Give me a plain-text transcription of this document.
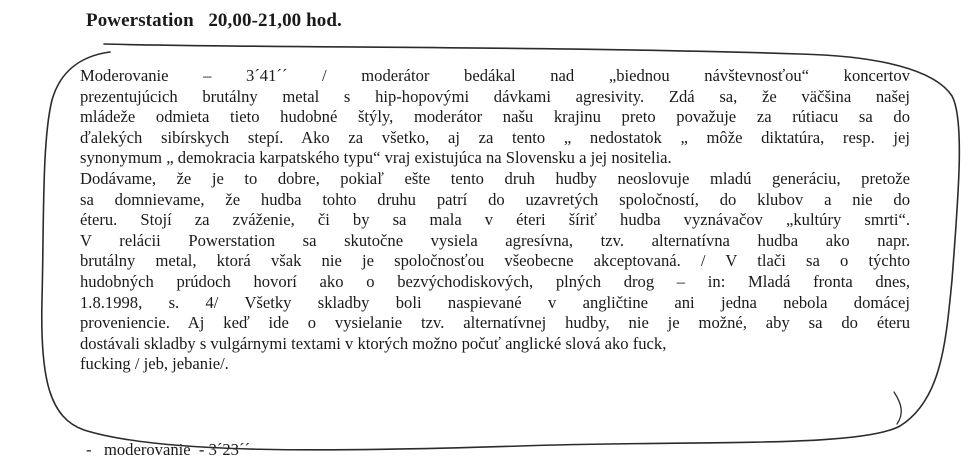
Powerstation   20,00-21,00 hod.
Moderovanie – 3´41´´ / moderátor bedákal nad „biednou návštevnosťou“ koncertov
prezentujúcich brutálny metal s hip-hopovými dávkami agresivity. Zdá sa, že väčšina našej
mládeže odmieta tieto hudobné štýly, moderátor našu krajinu preto považuje za rútiacu sa do
ďalekých sibírskych stepí. Ako za všetko, aj za tento „ nedostatok „ môže diktatúra, resp. jej
synonymum „ demokracia karpatského typu“ vraj existujúca na Slovensku a jej nositelia.
Dodávame, že je to dobre, pokiaľ ešte tento druh hudby neoslovuje mladú generáciu, pretože
sa domnievame, že hudba tohto druhu patrí do uzavretých spoločností, do klubov a nie do
éteru. Stojí za zváženie, či by sa mala v éteri šíriť hudba vyznávačov „kultúry smrti“.
V relácii Powerstation sa skutočne vysiela agresívna, tzv. alternatívna hudba ako napr.
brutálny metal, ktorá však nie je spoločnosťou všeobecne akceptovaná. / V tlači sa o týchto
hudobných prúdoch hovorí ako o bezvýchodiskových, plných drog – in: Mladá fronta dnes,
1.8.1998, s. 4/ Všetky skladby boli naspievané v angličtine ani jedna nebola domácej
proveniencie. Aj keď ide o vysielanie tzv. alternatívnej hudby, nie je možné, aby sa do éteru
dostávali skladby s vulgárnymi textami v ktorých možno počuť anglické slová ako fuck,
fucking / jeb, jebanie/.
-   moderovanie  - 3´23´´
